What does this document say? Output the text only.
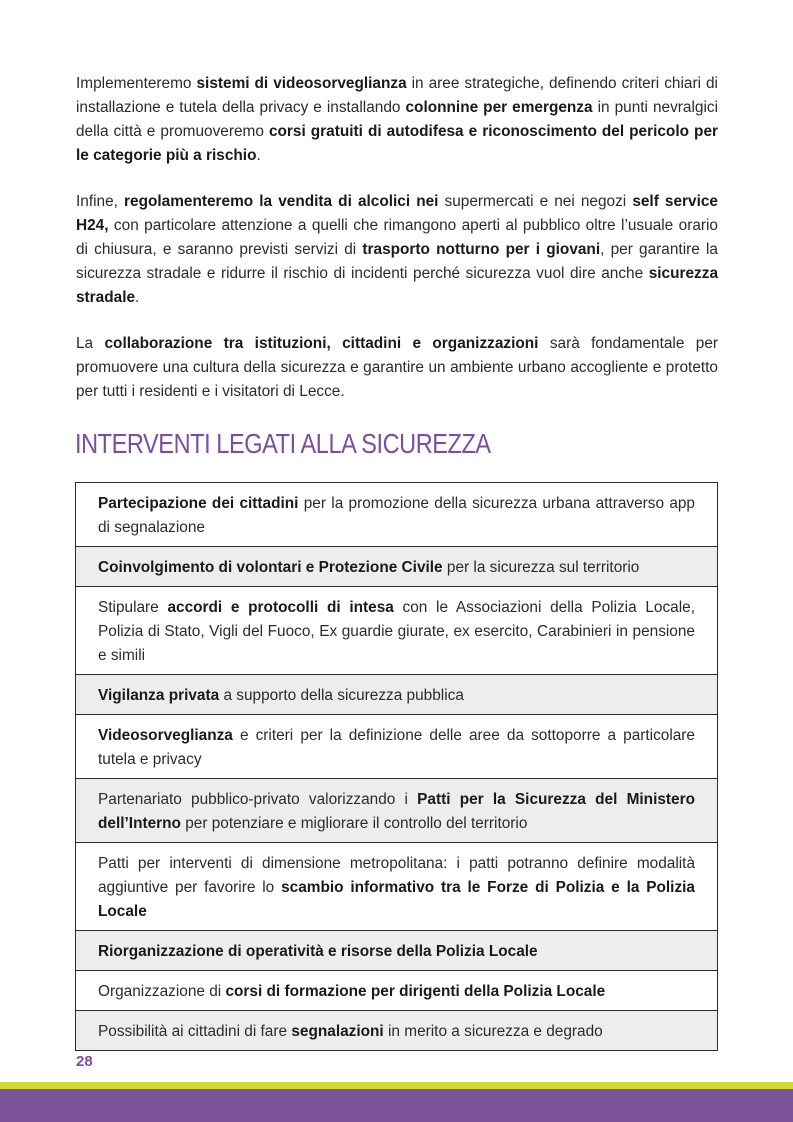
Implementeremo sistemi di videosorveglianza in aree strategiche, definendo criteri chiari di installazione e tutela della privacy e installando colonnine per emergenza in punti nevralgici della città e promuoveremo corsi gratuiti di autodifesa e riconoscimento del pericolo per le categorie più a rischio.

Infine, regolamenteremo la vendita di alcolici nei supermercati e nei negozi self service H24, con particolare attenzione a quelli che rimangono aperti al pubblico oltre l’usuale orario di chiusura, e saranno previsti servizi di trasporto notturno per i giovani, per garantire la sicurezza stradale e ridurre il rischio di incidenti perché sicurezza vuol dire anche sicurezza stradale.

La collaborazione tra istituzioni, cittadini e organizzazioni sarà fondamentale per promuovere una cultura della sicurezza e garantire un ambiente urbano accogliente e protetto per tutti i residenti e i visitatori di Lecce.

INTERVENTI LEGATI ALLA SICUREZZA
Partecipazione dei cittadini per la promozione della sicurezza urbana attraverso app di segnalazione
Coinvolgimento di volontari e Protezione Civile per la sicurezza sul territorio
Stipulare accordi e protocolli di intesa con le Associazioni della Polizia Locale, Polizia di Stato, Vigli del Fuoco, Ex guardie giurate, ex esercito, Carabinieri in pensione e simili
Vigilanza privata a supporto della sicurezza pubblica
Videosorveglianza e criteri per la definizione delle aree da sottoporre a particolare tutela e privacy
Partenariato pubblico-privato valorizzando i Patti per la Sicurezza del Ministero dell’Interno per potenziare e migliorare il controllo del territorio
Patti per interventi di dimensione metropolitana: i patti potranno definire modalità aggiuntive per favorire lo scambio informativo tra le Forze di Polizia e la Polizia Locale
Riorganizzazione di operatività e risorse della Polizia Locale
Organizzazione di corsi di formazione per dirigenti della Polizia Locale
Possibilità ai cittadini di fare segnalazioni in merito a sicurezza e degrado
28
